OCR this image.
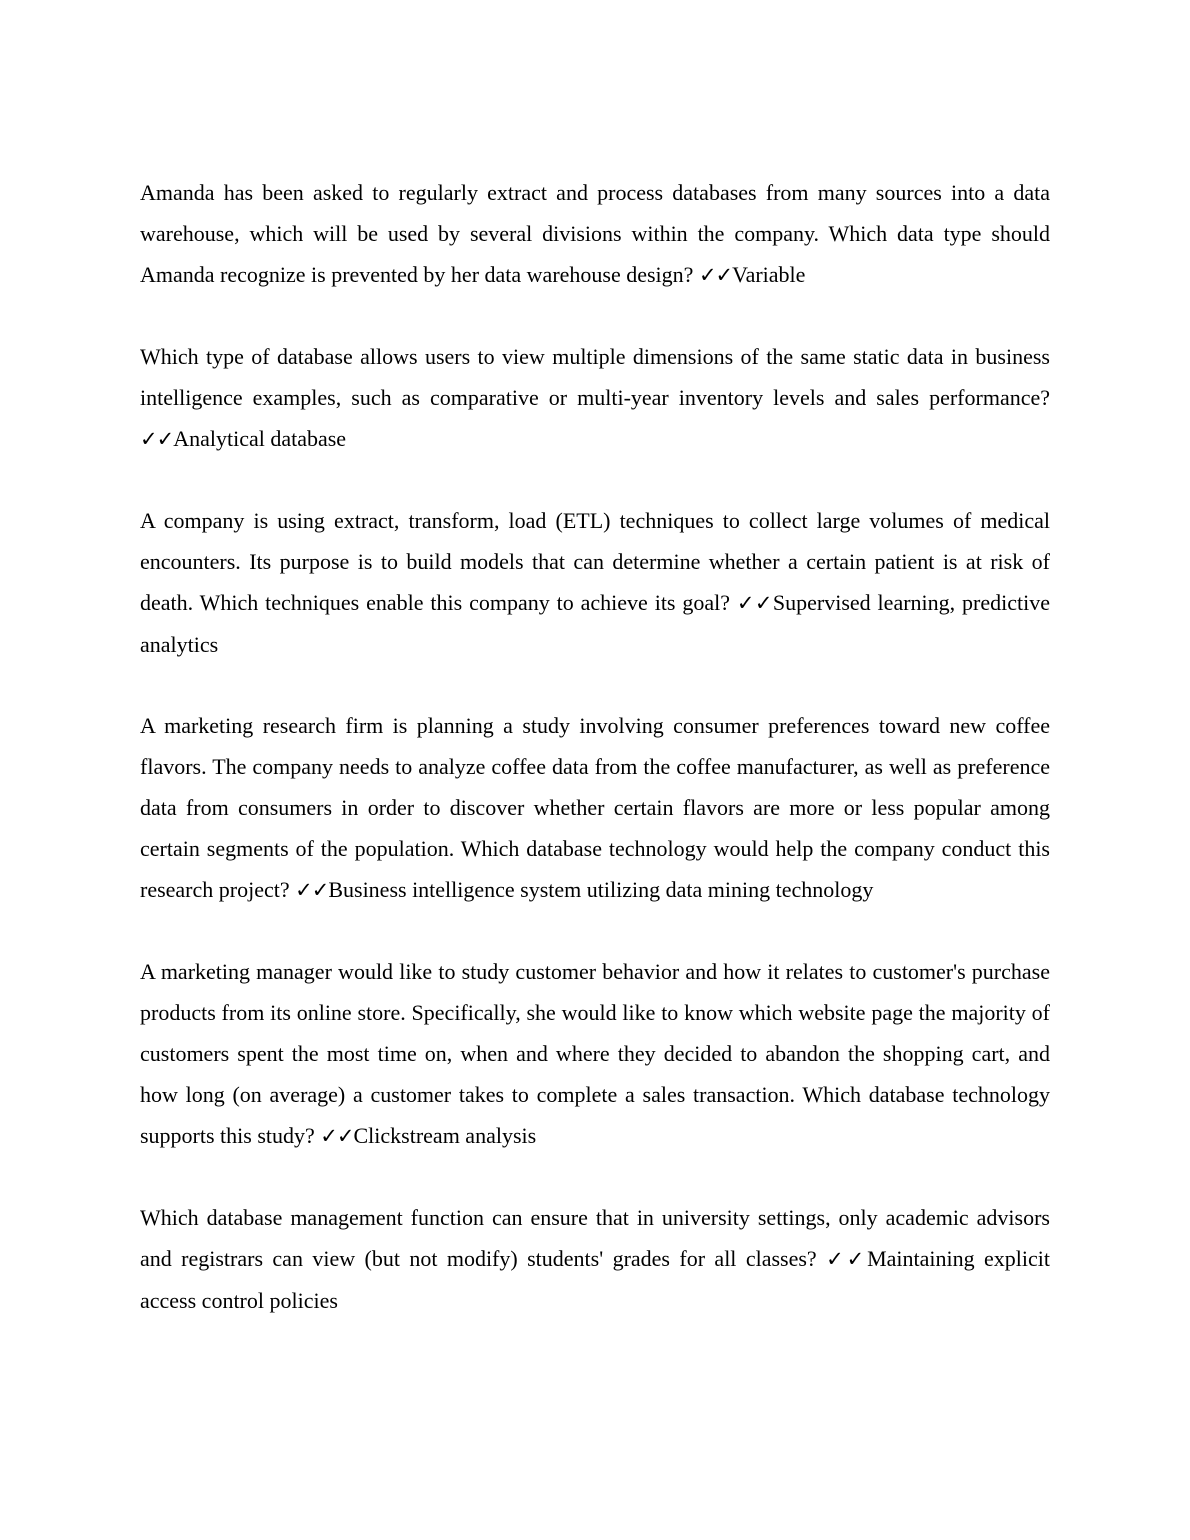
Amanda has been asked to regularly extract and process databases from many sources into a data warehouse, which will be used by several divisions within the company. Which data type should Amanda recognize is prevented by her data warehouse design? ✓✓Variable

Which type of database allows users to view multiple dimensions of the same static data in business intelligence examples, such as comparative or multi-year inventory levels and sales performance? ✓✓Analytical database

A company is using extract, transform, load (ETL) techniques to collect large volumes of medical encounters. Its purpose is to build models that can determine whether a certain patient is at risk of death. Which techniques enable this company to achieve its goal? ✓✓Supervised learning, predictive analytics

A marketing research firm is planning a study involving consumer preferences toward new coffee flavors. The company needs to analyze coffee data from the coffee manufacturer, as well as preference data from consumers in order to discover whether certain flavors are more or less popular among certain segments of the population. Which database technology would help the company conduct this research project? ✓✓Business intelligence system utilizing data mining technology

A marketing manager would like to study customer behavior and how it relates to customer's purchase products from its online store. Specifically, she would like to know which website page the majority of customers spent the most time on, when and where they decided to abandon the shopping cart, and how long (on average) a customer takes to complete a sales transaction. Which database technology supports this study? ✓✓Clickstream analysis

Which database management function can ensure that in university settings, only academic advisors and registrars can view (but not modify) students' grades for all classes? ✓✓Maintaining explicit access control policies
